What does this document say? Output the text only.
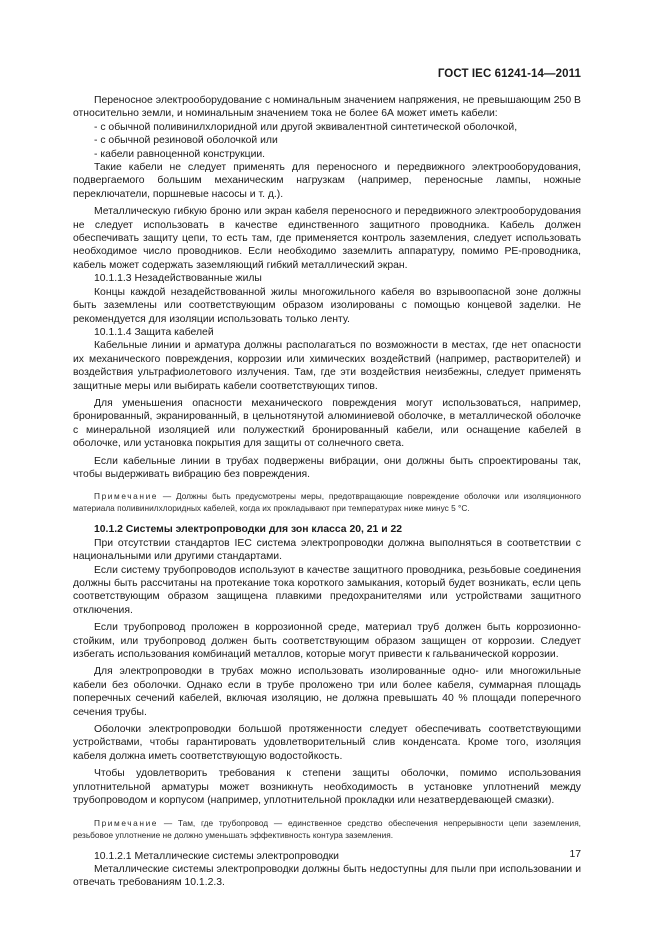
ГОСТ IEC 61241-14—2011

Переносное электрооборудование с номинальным значением напряжения, не превышающим 250 В относительно земли, и номинальным значением тока не более 6А может иметь кабели:

- с обычной поливинилхлоридной или другой эквивалентной синтетической оболочкой,

- с обычной резиновой оболочкой или

- кабели равноценной конструкции.

Такие кабели не следует применять для переносного и передвижного электрооборудования, подвергаемого большим механическим нагрузкам (например, переносные лампы, ножные переключатели, поршневые насосы и т. д.).

Металлическую гибкую броню или экран кабеля переносного и передвижного электрооборудования не следует использовать в качестве единственного защитного проводника. Кабель должен обеспечивать защиту цепи, то есть там, где применяется контроль заземления, следует использовать необходимое число проводников. Если необходимо заземлить аппаратуру, помимо PE-проводника, кабель может содержать заземляющий гибкий металлический экран.

10.1.1.3 Незадействованные жилы

Концы каждой незадействованной жилы многожильного кабеля во взрывоопасной зоне должны быть заземлены или соответствующим образом изолированы с помощью концевой заделки. Не рекомендуется для изоляции использовать только ленту.

10.1.1.4 Защита кабелей

Кабельные линии и арматура должны располагаться по возможности в местах, где нет опасности их механического повреждения, коррозии или химических воздействий (например, растворителей) и воздействия ультрафиолетового излучения. Там, где эти воздействия неизбежны, следует применять защитные меры или выбирать кабели соответствующих типов.

Для уменьшения опасности механического повреждения могут использоваться, например, бронированный, экранированный, в цельнотянутой алюминиевой оболочке, в металлической оболочке с минеральной изоляцией или полужесткий бронированный кабели, или оснащение кабелей в оболочке, или установка покрытия для защиты от солнечного света.

Если кабельные линии в трубах подвержены вибрации, они должны быть спроектированы так, чтобы выдерживать вибрацию без повреждения.

Примечание — Должны быть предусмотрены меры, предотвращающие повреждение оболочки или изоляционного материала поливинилхлоридных кабелей, когда их прокладывают при температурах ниже минус 5 °С.

10.1.2 Системы электропроводки для зон класса 20, 21 и 22

При отсутствии стандартов IEC система электропроводки должна выполняться в соответствии с национальными или другими стандартами.

Если систему трубопроводов используют в качестве защитного проводника, резьбовые соединения должны быть рассчитаны на протекание тока короткого замыкания, который будет возникать, если цепь соответствующим образом защищена плавкими предохранителями или устройствами защитного отключения.

Если трубопровод проложен в коррозионной среде, материал труб должен быть коррозионно-стойким, или трубопровод должен быть соответствующим образом защищен от коррозии. Следует избегать использования комбинаций металлов, которые могут привести к гальванической коррозии.

Для электропроводки в трубах можно использовать изолированные одно- или многожильные кабели без оболочки. Однако если в трубе проложено три или более кабеля, суммарная площадь поперечных сечений кабелей, включая изоляцию, не должна превышать 40 % площади поперечного сечения трубы.

Оболочки электропроводки большой протяженности следует обеспечивать соответствующими устройствами, чтобы гарантировать удовлетворительный слив конденсата. Кроме того, изоляция кабеля должна иметь соответствующую водостойкость.

Чтобы удовлетворить требования к степени защиты оболочки, помимо использования уплотнительной арматуры может возникнуть необходимость в установке уплотнений между трубопроводом и корпусом (например, уплотнительной прокладки или незатвердевающей смазки).

Примечание — Там, где трубопровод — единственное средство обеспечения непрерывности цепи заземления, резьбовое уплотнение не должно уменьшать эффективность контура заземления.

10.1.2.1 Металлические системы электропроводки

Металлические системы электропроводки должны быть недоступны для пыли при использовании и отвечать требованиям 10.1.2.3.

17
